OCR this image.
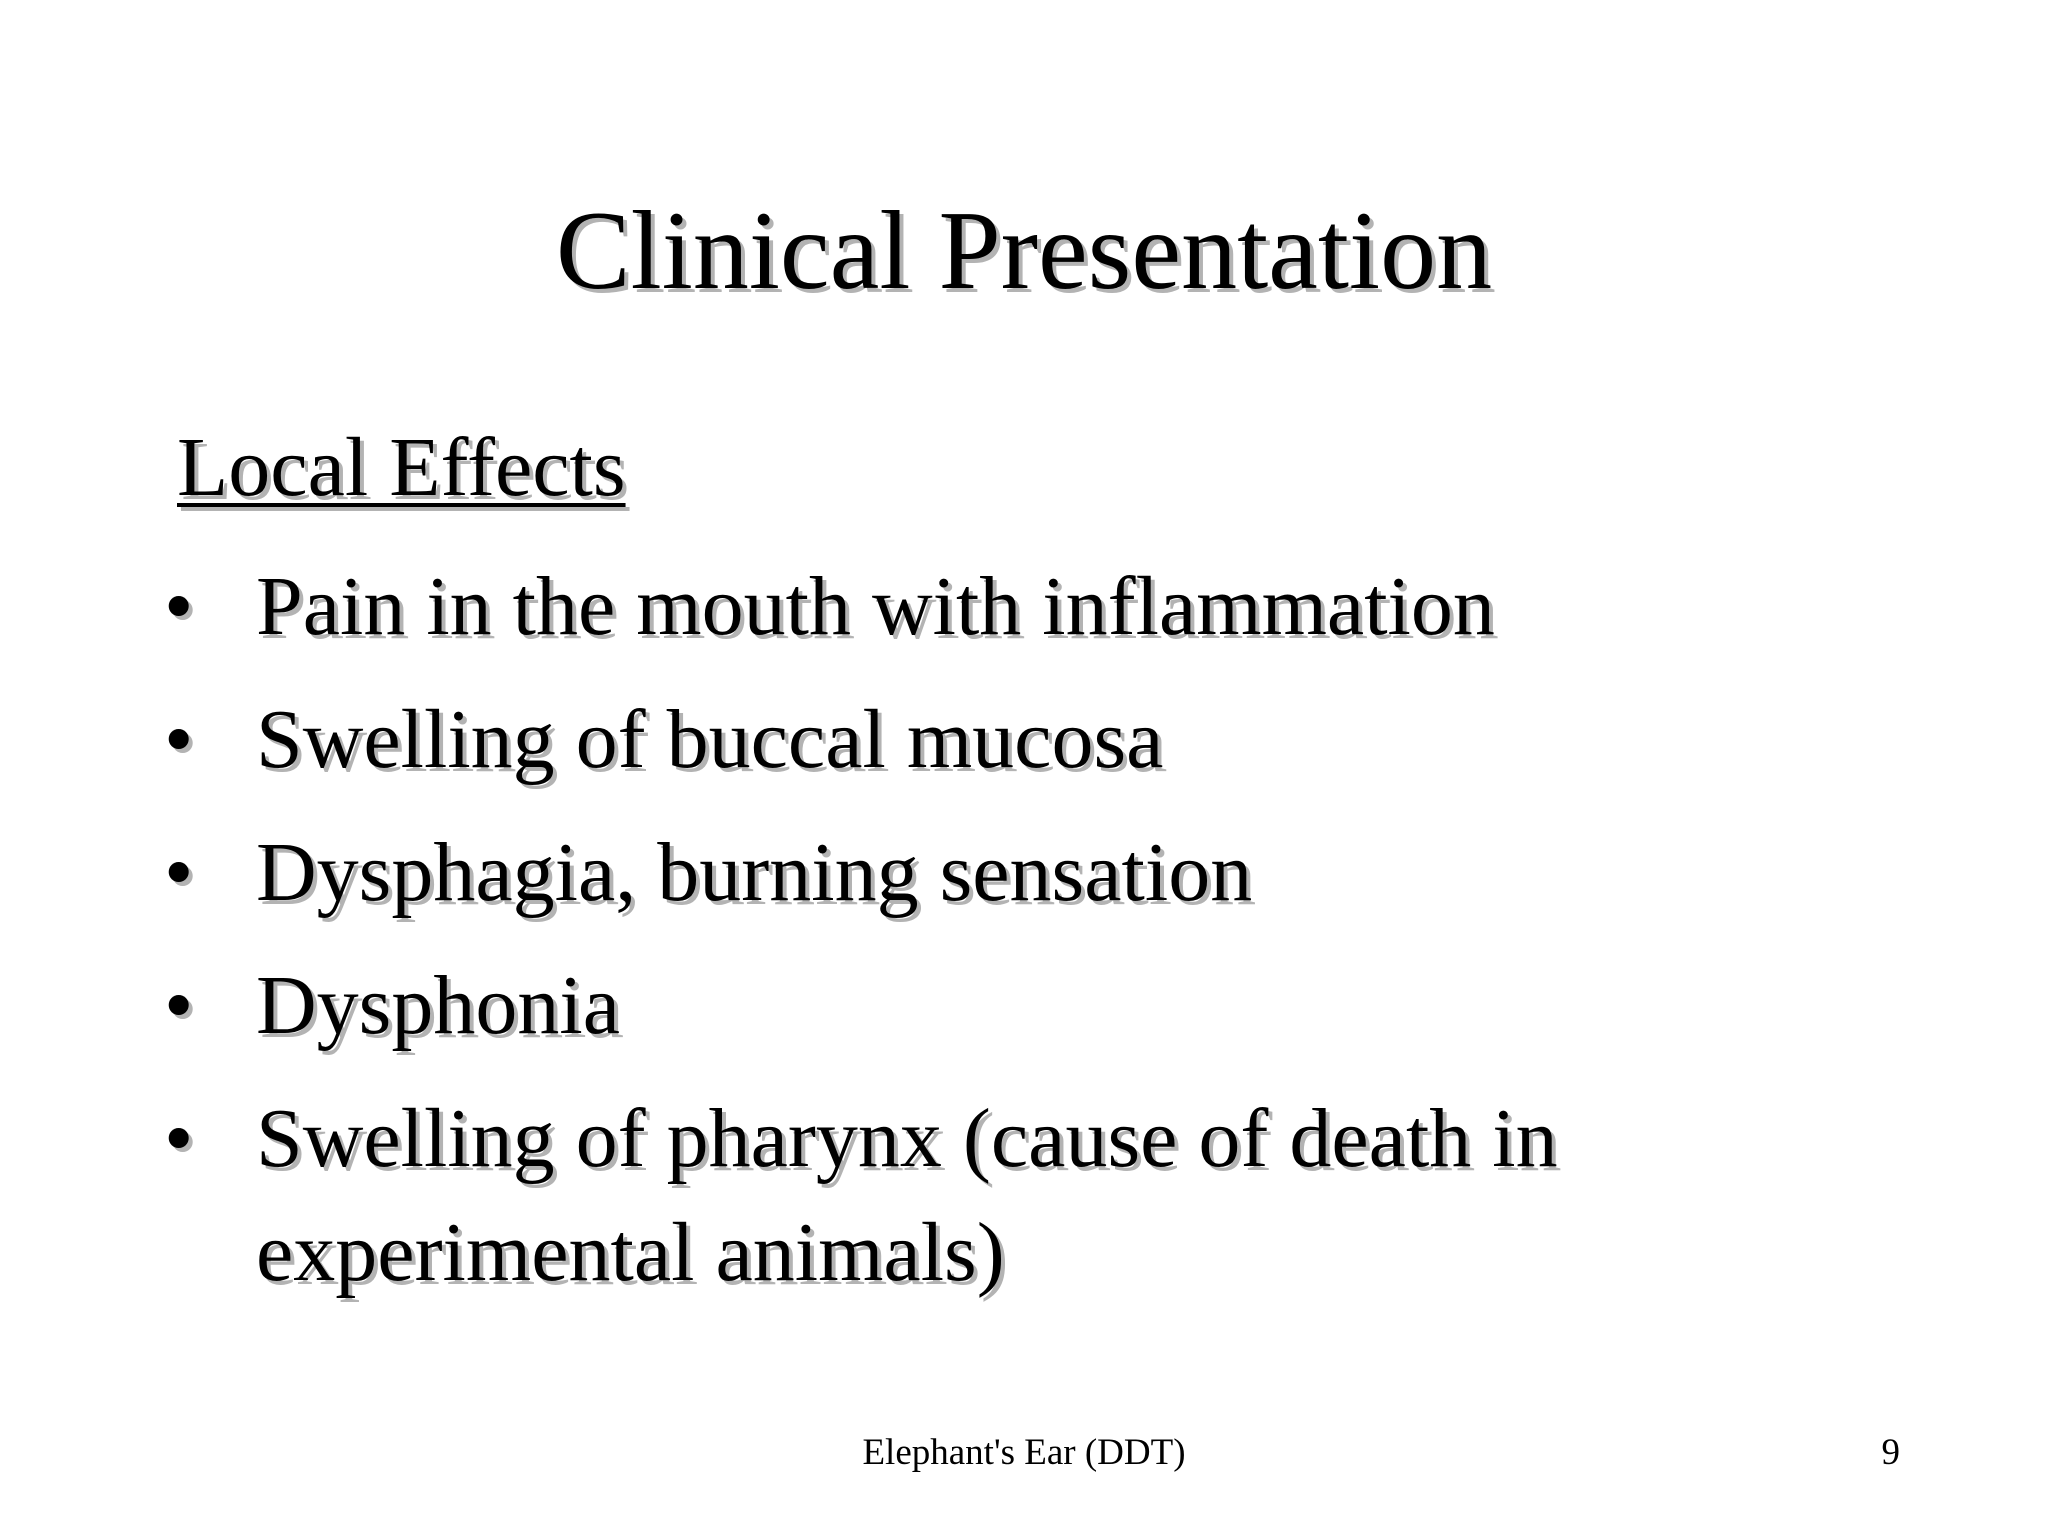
Clinical Presentation
Local Effects
• Pain in the mouth with inflammation
• Swelling of buccal mucosa
• Dysphagia, burning sensation
• Dysphonia
• Swelling of pharynx (cause of death in experimental animals)
Elephant's Ear (DDT)	9
